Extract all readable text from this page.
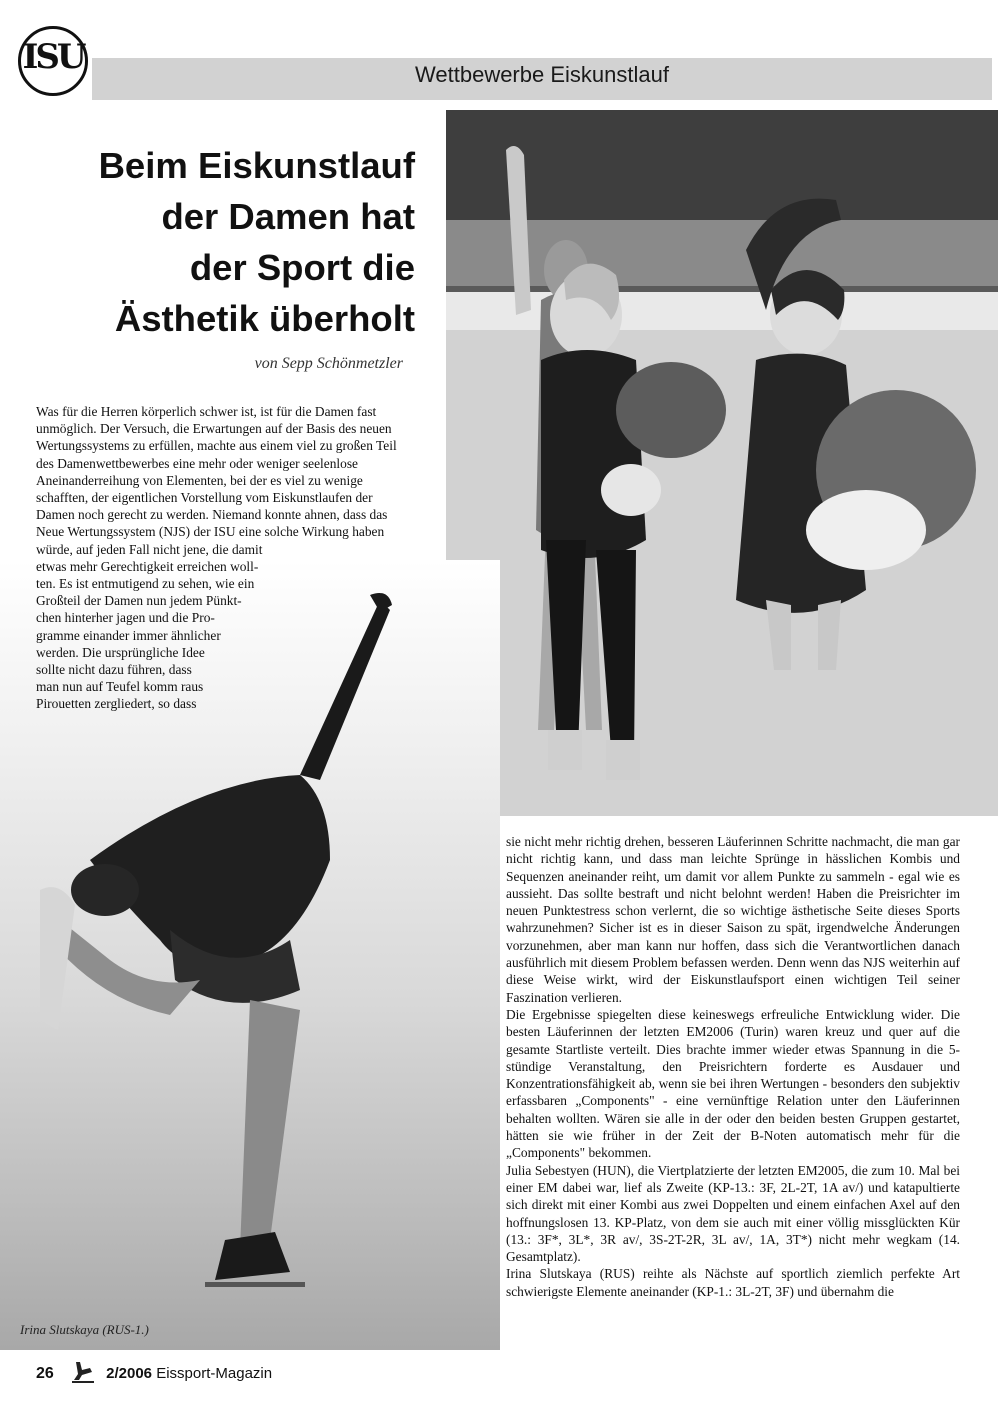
Wettbewerbe Eiskunstlauf
ISU
Beim Eiskunstlauf
der Damen hat
der Sport die
Ästhetik überholt
von Sepp Schönmetzler
Was für die Herren körperlich schwer ist, ist für die Damen fast
unmöglich. Der Versuch, die Erwartungen auf der Basis des neuen
Wertungssystems zu erfüllen, machte aus einem viel zu großen Teil
des Damenwettbewerbes eine mehr oder weniger seelenlose
Aneinanderreihung von Elementen, bei der es viel zu wenige
schafften, der eigentlichen Vorstellung vom Eiskunstlaufen der
Damen noch gerecht zu werden. Niemand konnte ahnen, dass das
Neue Wertungssystem (NJS) der ISU eine solche Wirkung haben
würde, auf jeden Fall nicht jene, die damit
etwas mehr Gerechtigkeit erreichen woll-
ten. Es ist entmutigend zu sehen, wie ein
Großteil der Damen nun jedem Pünkt-
chen hinterher jagen und die Pro-
gramme einander immer ähnlicher
werden. Die ursprüngliche Idee
sollte nicht dazu führen, dass
man nun auf Teufel komm raus
Pirouetten zergliedert, so dass
Irina Slutskaya (RUS-1.)

sie nicht mehr richtig drehen, besseren Läuferinnen Schritte nachmacht, die man gar nicht richtig kann, und dass man leichte Sprünge in hässlichen Kombis und Sequenzen aneinander reiht, um damit vor allem Punkte zu sammeln - egal wie es aussieht. Das sollte bestraft und nicht belohnt werden! Haben die Preisrichter im neuen Punktestress schon verlernt, die so wichtige ästhetische Seite dieses Sports wahrzunehmen? Sicher ist es in dieser Saison zu spät, irgendwelche Änderungen vorzunehmen, aber man kann nur hoffen, dass sich die Verantwortlichen danach ausführlich mit diesem Problem befassen werden. Denn wenn das NJS weiterhin auf diese Weise wirkt, wird der Eiskunstlaufsport einen wichtigen Teil seiner Faszination verlieren.

Die Ergebnisse spiegelten diese keineswegs erfreuliche Entwicklung wider. Die besten Läuferinnen der letzten EM2006 (Turin) waren kreuz und quer auf die gesamte Startliste verteilt. Dies brachte immer wieder etwas Spannung in die 5-stündige Veranstaltung, den Preisrichtern forderte es Ausdauer und Konzentrationsfähigkeit ab, wenn sie bei ihren Wertungen - besonders den subjektiv erfassbaren „Components" - eine vernünftige Relation unter den Läuferinnen behalten wollten. Wären sie alle in der oder den beiden besten Gruppen gestartet, hätten sie wie früher in der Zeit der B-Noten automatisch mehr für die „Components" bekommen.

Julia Sebestyen (HUN), die Viertplatzierte der letzten EM2005, die zum 10. Mal bei einer EM dabei war, lief als Zweite (KP-13.: 3F, 2L-2T, 1A av/) und katapultierte sich direkt mit einer Kombi aus zwei Doppelten und einem einfachen Axel auf den hoffnungslosen 13. KP-Platz, von dem sie auch mit einer völlig missglückten Kür (13.: 3F*, 3L*, 3R av/, 3S-2T-2R, 3L av/, 1A, 3T*) nicht mehr wegkam (14. Gesamtplatz).

Irina Slutskaya (RUS) reihte als Nächste auf sportlich ziemlich perfekte Art schwierigste Elemente aneinander (KP-1.: 3L-2T, 3F) und übernahm die

26	2/2006 Eissport-Magazin
